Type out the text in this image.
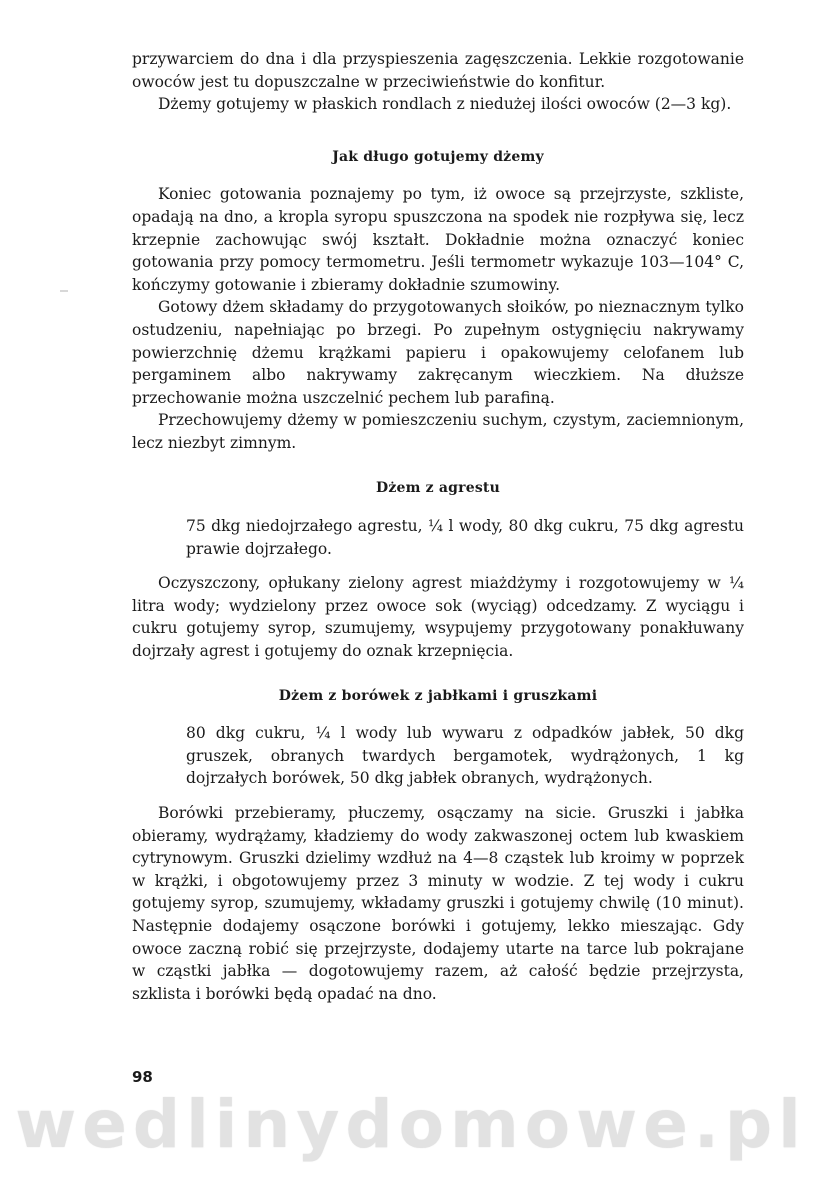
przywarciem do dna i dla przyspieszenia zagęszczenia. Lekkie rozgotowanie owoców jest tu dopuszczalne w przeciwieństwie do konfitur.

Dżemy gotujemy w płaskich rondlach z niedużej ilości owoców (2—3 kg).

Jak długo gotujemy dżemy

Koniec gotowania poznajemy po tym, iż owoce są przejrzyste, szkliste, opadają na dno, a kropla syropu spuszczona na spodek nie rozpływa się, lecz krzepnie zachowując swój kształt. Dokładnie można oznaczyć koniec gotowania przy pomocy termometru. Jeśli termometr wykazuje 103—104° C, kończymy gotowanie i zbieramy dokładnie szumowiny.

Gotowy dżem składamy do przygotowanych słoików, po nieznacznym tylko ostudzeniu, napełniając po brzegi. Po zupełnym ostygnięciu nakrywamy powierzchnię dżemu krążkami papieru i opakowujemy celofanem lub pergaminem albo nakrywamy zakręcanym wieczkiem. Na dłuższe przechowanie można uszczelnić pechem lub parafiną.

Przechowujemy dżemy w pomieszczeniu suchym, czystym, zaciemnionym, lecz niezbyt zimnym.

Dżem z agrestu

75 dkg niedojrzałego agrestu, ¼ l wody, 80 dkg cukru, 75 dkg agrestu prawie dojrzałego.

Oczyszczony, opłukany zielony agrest miażdżymy i rozgotowujemy w ¼ litra wody; wydzielony przez owoce sok (wyciąg) odcedzamy. Z wyciągu i cukru gotujemy syrop, szumujemy, wsypujemy przygotowany ponakłuwany dojrzały agrest i gotujemy do oznak krzepnięcia.

Dżem z borówek z jabłkami i gruszkami

80 dkg cukru, ¼ l wody lub wywaru z odpadków jabłek, 50 dkg gruszek, obranych twardych bergamotek, wydrążonych, 1 kg dojrzałych borówek, 50 dkg jabłek obranych, wydrążonych.

Borówki przebieramy, płuczemy, osączamy na sicie. Gruszki i jabłka obieramy, wydrążamy, kładziemy do wody zakwaszonej octem lub kwaskiem cytrynowym. Gruszki dzielimy wzdłuż na 4—8 cząstek lub kroimy w poprzek w krążki, i obgotowujemy przez 3 minuty w wodzie. Z tej wody i cukru gotujemy syrop, szumujemy, wkładamy gruszki i gotujemy chwilę (10 minut). Następnie dodajemy osączone borówki i gotujemy, lekko mieszając. Gdy owoce zaczną robić się przejrzyste, dodajemy utarte na tarce lub pokrajane w cząstki jabłka — dogotowujemy razem, aż całość będzie przejrzysta, szklista i borówki będą opadać na dno.

98
wedlinydomowe.pl
